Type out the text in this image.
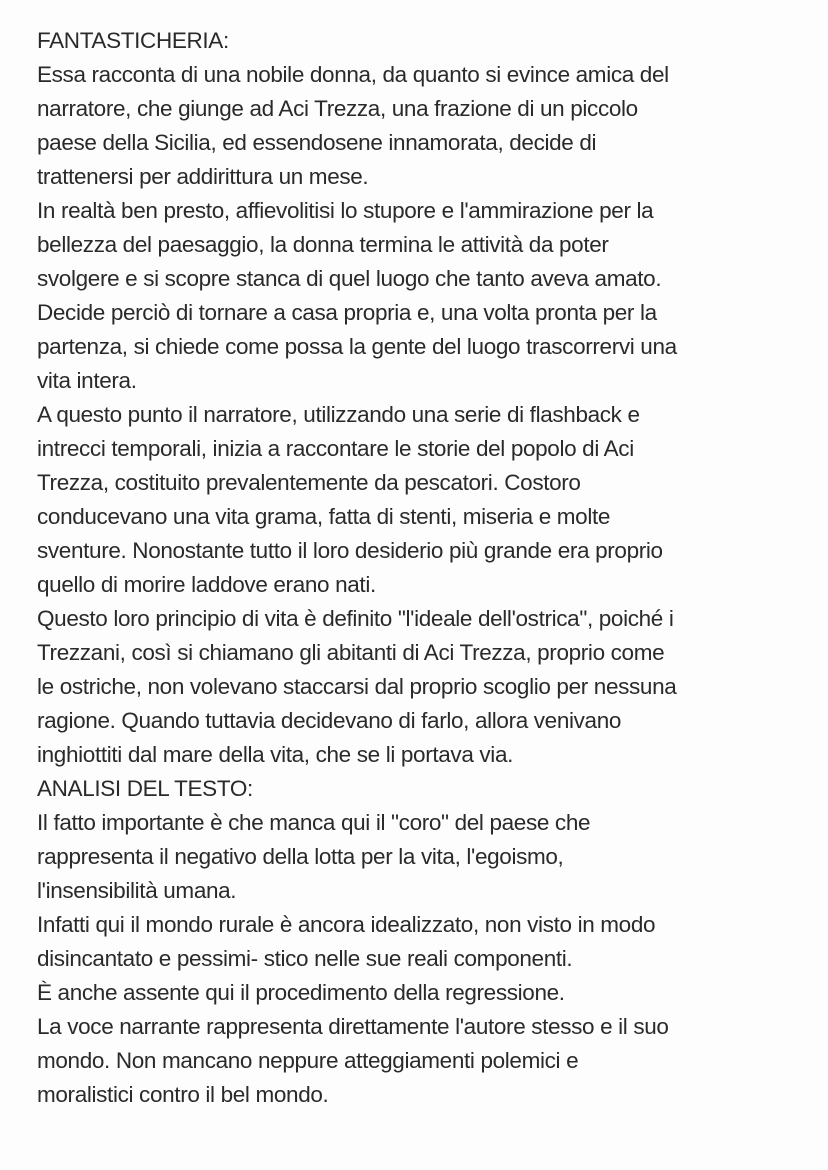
FANTASTICHERIA:
Essa racconta di una nobile donna, da quanto si evince amica del
narratore, che giunge ad Aci Trezza, una frazione di un piccolo
paese della Sicilia, ed essendosene innamorata, decide di
trattenersi per addirittura un mese.
In realtà ben presto, affievolitisi lo stupore e l'ammirazione per la
bellezza del paesaggio, la donna termina le attività da poter
svolgere e si scopre stanca di quel luogo che tanto aveva amato.
Decide perciò di tornare a casa propria e, una volta pronta per la
partenza, si chiede come possa la gente del luogo trascorrervi una
vita intera.
A questo punto il narratore, utilizzando una serie di flashback e
intrecci temporali, inizia a raccontare le storie del popolo di Aci
Trezza, costituito prevalentemente da pescatori. Costoro
conducevano una vita grama, fatta di stenti, miseria e molte
sventure. Nonostante tutto il loro desiderio più grande era proprio
quello di morire laddove erano nati.
Questo loro principio di vita è definito "l'ideale dell'ostrica", poiché i
Trezzani, così si chiamano gli abitanti di Aci Trezza, proprio come
le ostriche, non volevano staccarsi dal proprio scoglio per nessuna
ragione. Quando tuttavia decidevano di farlo, allora venivano
inghiottiti dal mare della vita, che se li portava via.
ANALISI DEL TESTO:
Il fatto importante è che manca qui il "coro" del paese che
rappresenta il negativo della lotta per la vita, l'egoismo,
l'insensibilità umana.
Infatti qui il mondo rurale è ancora idealizzato, non visto in modo
disincantato e pessimi- stico nelle sue reali componenti.
È anche assente qui il procedimento della regressione.
La voce narrante rappresenta direttamente l'autore stesso e il suo
mondo. Non mancano neppure atteggiamenti polemici e
moralistici contro il bel mondo.
